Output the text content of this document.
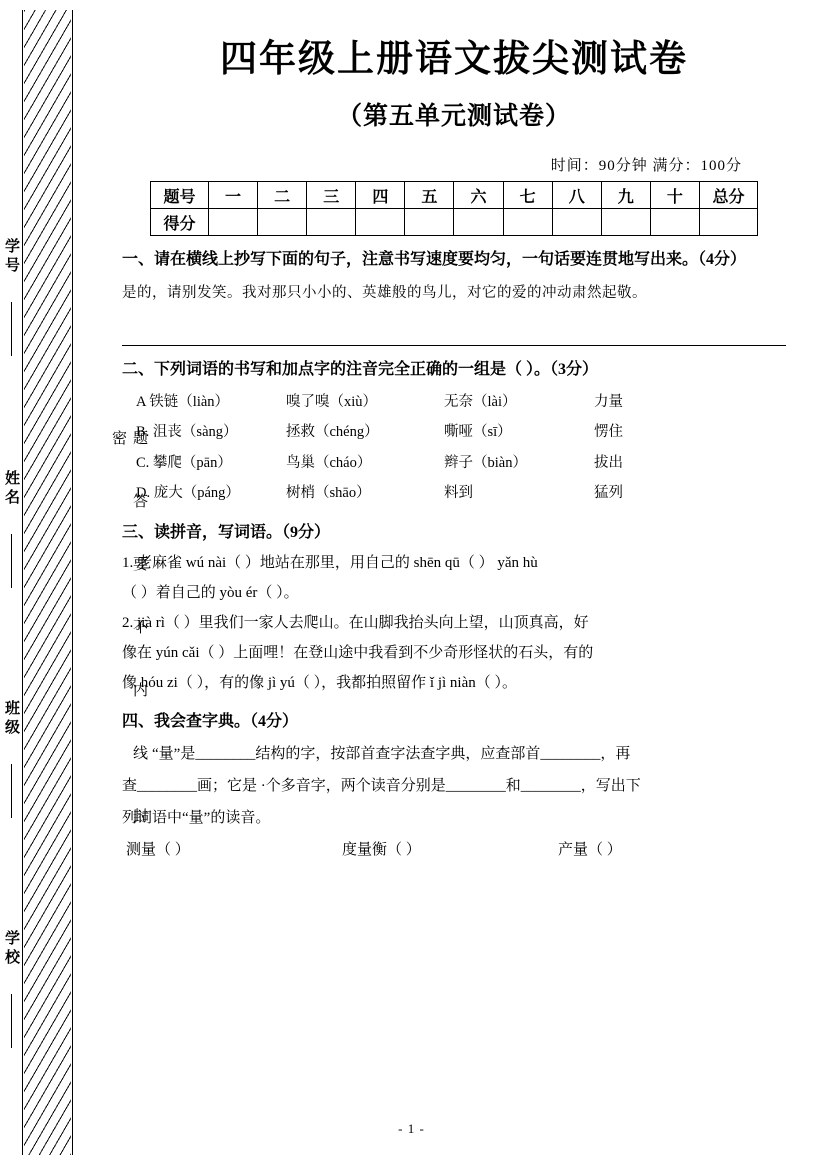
学号
姓名
班级
学校
题 答 要 不 内 线 封 密
四年级上册语文拔尖测试卷
（第五单元测试卷）
时间：90分钟 满分：100分
题号	一	二	三	四	五	六	七	八	九	十	总分
得分											
一、请在横线上抄写下面的句子，注意书写速度要均匀，一句话要连贯地写出来。（4分）
是的，请别发笑。我对那只小小的、英雄般的鸟儿，对它的爱的冲动肃然起敬。
二、下列词语的书写和加点字的注音完全正确的一组是（ ）。（3分）
A 铁链（liàn）	嗅了嗅（xiù）	无奈（lài）	力量
B. 沮丧（sàng）	拯救（chéng）	嘶哑（sī）	愣住
C. 攀爬（pān）	鸟巢（cháo）	辫子（biàn）	拔出
D. 庞大（páng）	树梢（shāo）	料到	猛列
三、读拼音，写词语。（9分）
1. 老麻雀 wú nài（ ）地站在那里，用自己的 shēn qū（ ） yǎn hù
（ ）着自己的 yòu ér（ ）。
2. jià rì（ ）里我们一家人去爬山。在山脚我抬头向上望，山顶真高，好
像在 yún cǎi（ ）上面哩！在登山途中我看到不少奇形怪状的石头，有的
像 hóu zi（ ），有的像 jì yú（ ），我都拍照留作 ǐ jì niàn（ ）。
四、我会查字典。（4分）
“量”是________结构的字，按部首查字法查字典，应查部首________，再
查________画；它是 ·个多音字，两个读音分别是________和________，写出下
列词语中“量”的读音。
测量（ ）	度量衡（ ）	产量（ ）
- 1 -
